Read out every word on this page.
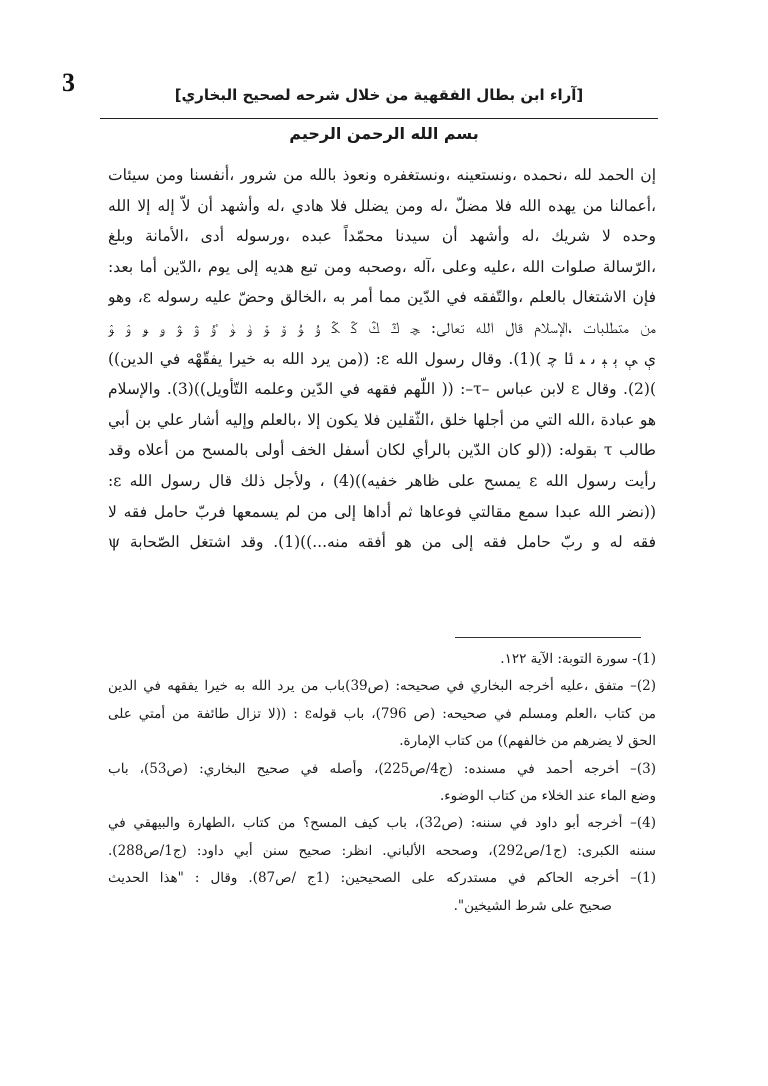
3	[آراء ابن بطال الفقهية من خلال شرحه لصحيح البخاري]
بسم الله الرحمن الرحيم
إن الحمد لله ،نحمده ،ونستعينه ،ونستغفره ونعوذ بالله من شرور ،أنفسنا ومن سيئات
،أعمالنا من يهده الله فلا مضلّ ،له ومن يضلل فلا هادي ،له وأشهد أن لاّ إله إلا الله
وحده لا شريك ،له وأشهد أن سيدنا محمّداً عبده ،ورسوله أدى ،الأمانة وبلغ
،الرّسالة صلوات الله ،عليه وعلى ،آله ،وصحبه ومن تبع هديه إلى يوم ،الدّين أما بعد:
فإن الاشتغال بالعلم ،والتّفقه في الدّين مما أمر به ،الخالق وحضّ عليه رسوله ε، وهو
من متطلبات ،الإسلام قال الله تعالى: ﭽ ﯓ ﯔ ﯕ ﯖ ﯗ ﯘ ﯙ ﯚ ﯛ ﯜ ﯝ ﯞ ﯟ ﯠ ﯡ ﯢ ﯣ
ﯤ ﯥ ﯦ ﯧ ﯨ ﯩ ﯪ ﭼ )(1). وقال رسول الله ε: ((من يرد الله به خيرا يفقّهْه في الدين))
)(2). وقال ε لابن عباس –τ–: (( اللّهم فقهه في الدّين وعلمه التّأويل))(3). والإسلام
هو عبادة ،الله التي من أجلها خلق ،الثّقلين فلا يكون إلا ،بالعلم وإليه أشار علي بن أبي
طالب τ بقوله: ((لو كان الدّين بالرأي لكان أسفل الخف أولى بالمسح من أعلاه وقد
رأيت رسول الله ε يمسح على ظاهر خفيه))(4) ، ولأجل ذلك قال رسول الله ε:
((نضر الله عبدا سمع مقالتي فوعاها ثم أداها إلى من لم يسمعها فربّ حامل فقه لا
فقه له و ربّ حامل فقه إلى من هو أفقه منه...))(1). وقد اشتغل الصّحابة ψ
(1)- سورة التوبة: الآية ١٢٢.
(2)– متفق ،عليه أخرجه البخاري في صحيحه: (ص39)باب من يرد الله به خيرا يفقهه في الدين
من كتاب ،العلم ومسلم في صحيحه: (ص 796)، باب قولهε : ((لا تزال طائفة من أمتي على
الحق لا يضرهم من خالفهم)) من كتاب الإمارة.
(3)– أخرجه أحمد في مسنده: (ج4/ص225)، وأصله في صحيح البخاري: (ص53)، باب
وضع الماء عند الخلاء من كتاب الوضوء.
(4)– أخرجه أبو داود في سننه: (ص32)، باب كيف المسح؟ من كتاب ،الطهارة والبيهقي في
سننه الكبرى: (ج1/ص292)، وصححه الألباني. انظر: صحيح سنن أبي داود: (ج1/ص288).
(1)– أخرجه الحاكم في مستدركه على الصحيحين: (1ج /ص87). وقال : "هذا الحديث
صحيح على شرط الشيخين".
